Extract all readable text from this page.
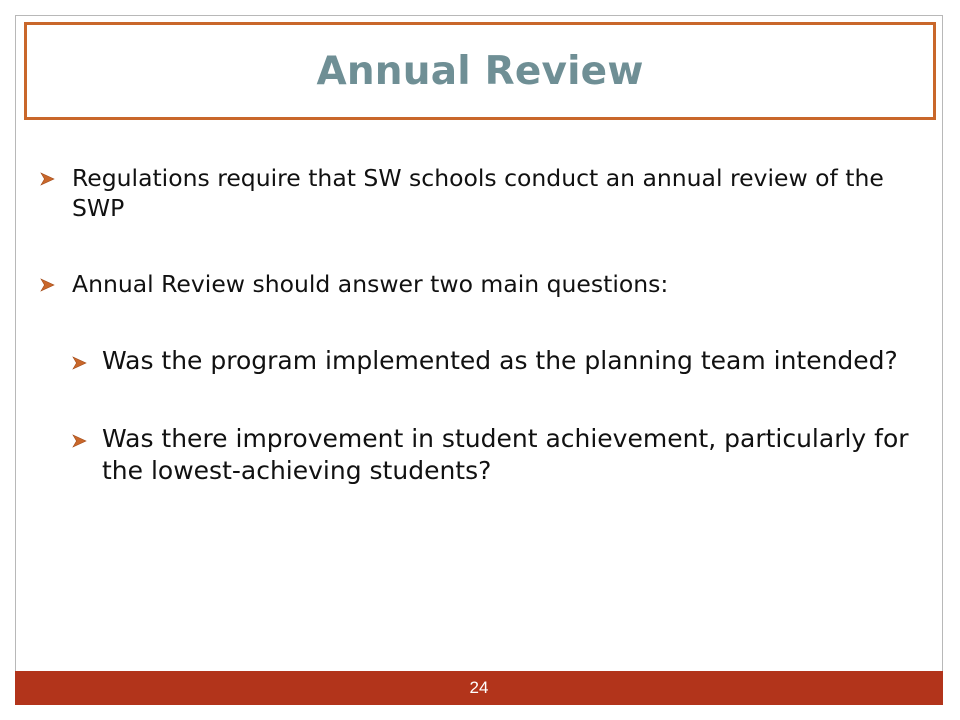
Annual Review
Regulations require that SW schools conduct an annual review of the SWP
Annual Review should answer two main questions:
Was the program implemented as the planning team intended?
Was there improvement in student achievement, particularly for the lowest-achieving students?
24
